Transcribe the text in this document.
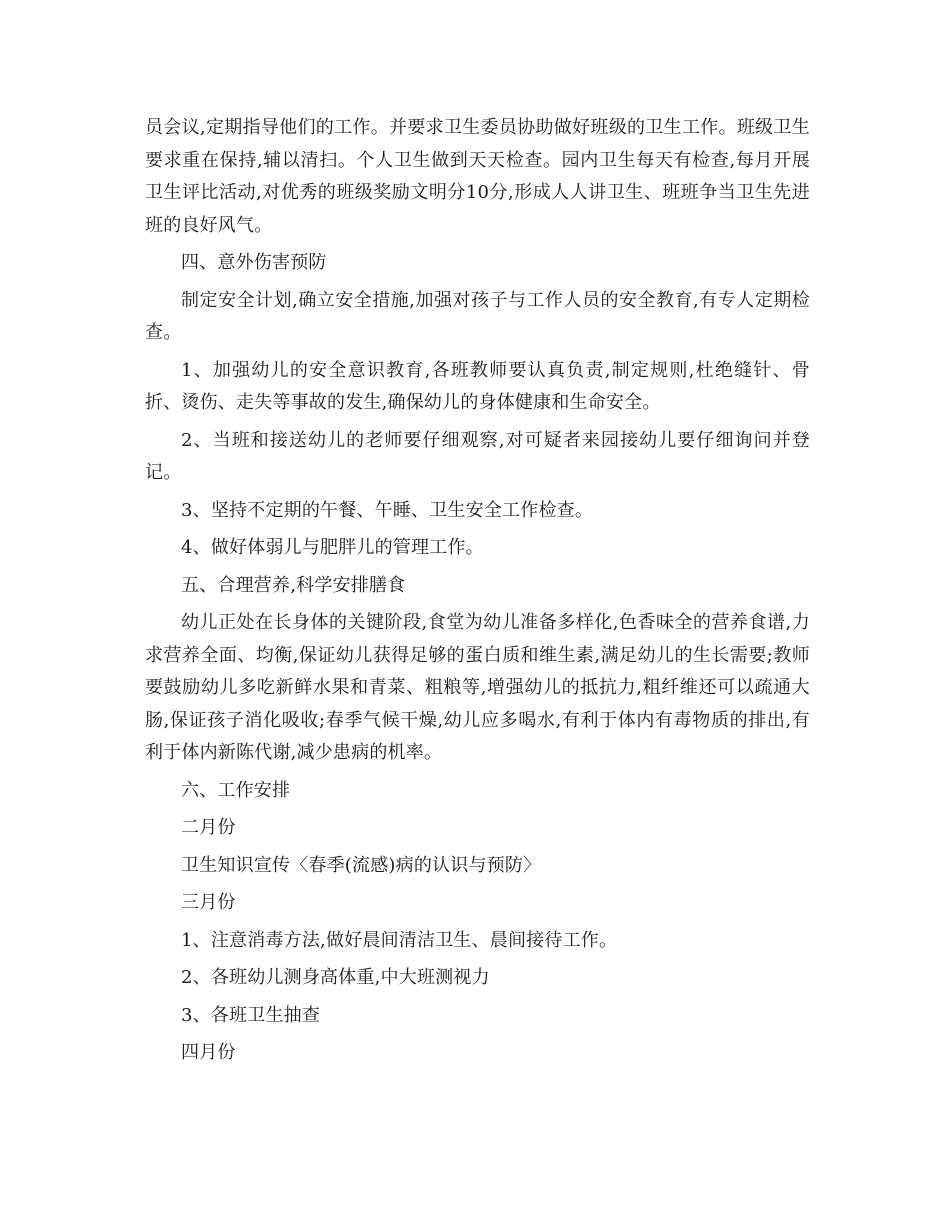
员会议,定期指导他们的工作。并要求卫生委员协助做好班级的卫生工作。班级卫生要求重在保持,辅以清扫。个人卫生做到天天检查。园内卫生每天有检查,每月开展卫生评比活动,对优秀的班级奖励文明分10分,形成人人讲卫生、班班争当卫生先进班的良好风气。

四、意外伤害预防

制定安全计划,确立安全措施,加强对孩子与工作人员的安全教育,有专人定期检查。

1、加强幼儿的安全意识教育,各班教师要认真负责,制定规则,杜绝缝针、骨折、烫伤、走失等事故的发生,确保幼儿的身体健康和生命安全。

2、当班和接送幼儿的老师要仔细观察,对可疑者来园接幼儿要仔细询问并登记。

3、坚持不定期的午餐、午睡、卫生安全工作检查。

4、做好体弱儿与肥胖儿的管理工作。

五、合理营养,科学安排膳食

幼儿正处在长身体的关键阶段,食堂为幼儿准备多样化,色香味全的营养食谱,力求营养全面、均衡,保证幼儿获得足够的蛋白质和维生素,满足幼儿的生长需要;教师要鼓励幼儿多吃新鲜水果和青菜、粗粮等,增强幼儿的抵抗力,粗纤维还可以疏通大肠,保证孩子消化吸收;春季气候干燥,幼儿应多喝水,有利于体内有毒物质的排出,有利于体内新陈代谢,减少患病的机率。

六、工作安排

二月份

卫生知识宣传〈春季(流感)病的认识与预防〉

三月份

1、注意消毒方法,做好晨间清洁卫生、晨间接待工作。

2、各班幼儿测身高体重,中大班测视力

3、各班卫生抽查

四月份
